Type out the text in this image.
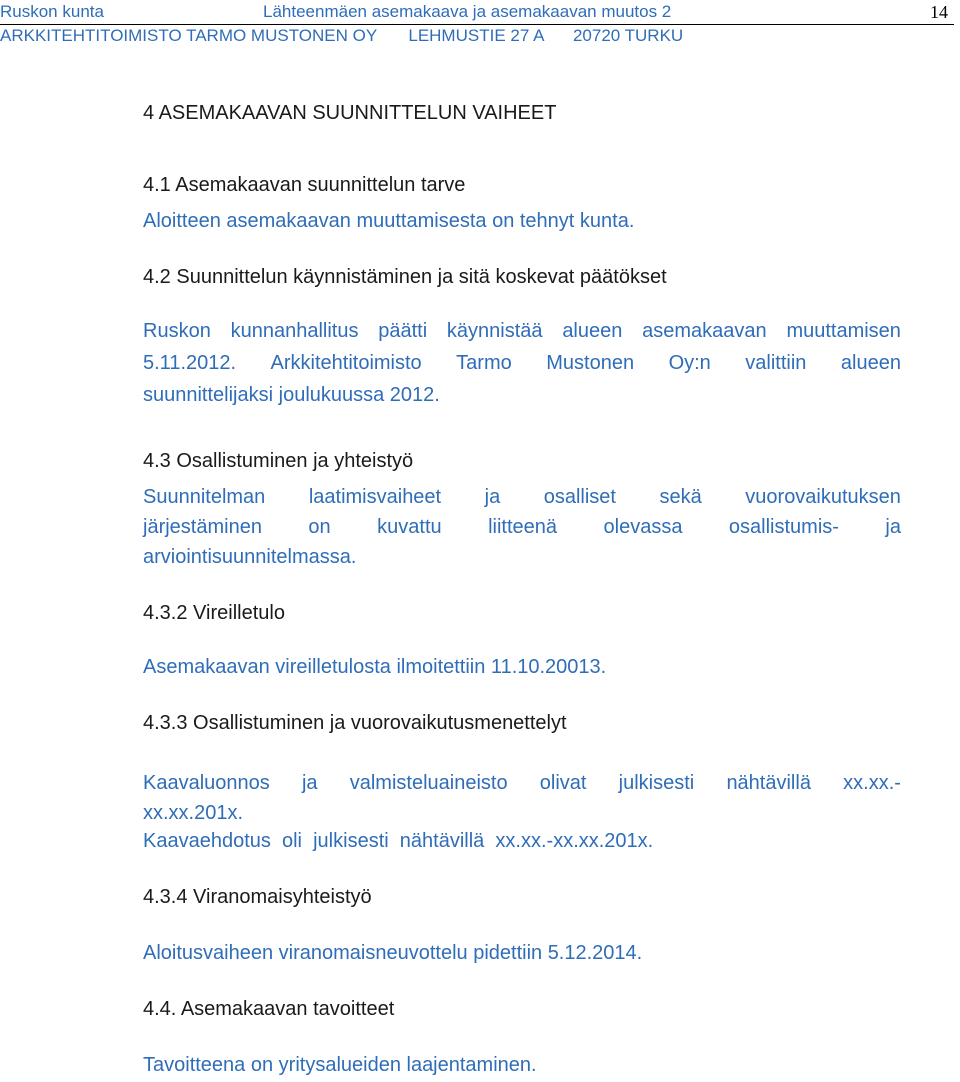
Ruskon kunta	Lähteenmäen asemakaava ja asemakaavan muutos 2	14
ARKKITEHTITOIMISTO TARMO MUSTONEN OY LEHMUSTIE 27 A 20720 TURKU
4 ASEMAKAAVAN SUUNNITTELUN VAIHEET
4.1 Asemakaavan suunnittelun tarve
Aloitteen asemakaavan muuttamisesta on tehnyt kunta.
4.2 Suunnittelun käynnistäminen ja sitä koskevat päätökset
Ruskon kunnanhallitus päätti käynnistää alueen asemakaavan muuttamisen
5.11.2012. Arkkitehtitoimisto Tarmo Mustonen Oy:n valittiin alueen
suunnittelijaksi joulukuussa 2012.
4.3 Osallistuminen ja yhteistyö
Suunnitelman laatimisvaiheet ja osalliset sekä vuorovaikutuksen
järjestäminen on kuvattu liitteenä olevassa osallistumis- ja
arviointisuunnitelmassa.
4.3.2 Vireilletulo
Asemakaavan vireilletulosta ilmoitettiin 11.10.20013.
4.3.3 Osallistuminen ja vuorovaikutusmenettelyt
Kaavaluonnos ja valmisteluaineisto olivat julkisesti nähtävillä xx.xx.-
xx.xx.201x.
Kaavaehdotus  oli  julkisesti  nähtävillä  xx.xx.-xx.xx.201x.
4.3.4 Viranomaisyhteistyö
Aloitusvaiheen viranomaisneuvottelu pidettiin 5.12.2014.
4.4. Asemakaavan tavoitteet
Tavoitteena on yritysalueiden laajentaminen.
